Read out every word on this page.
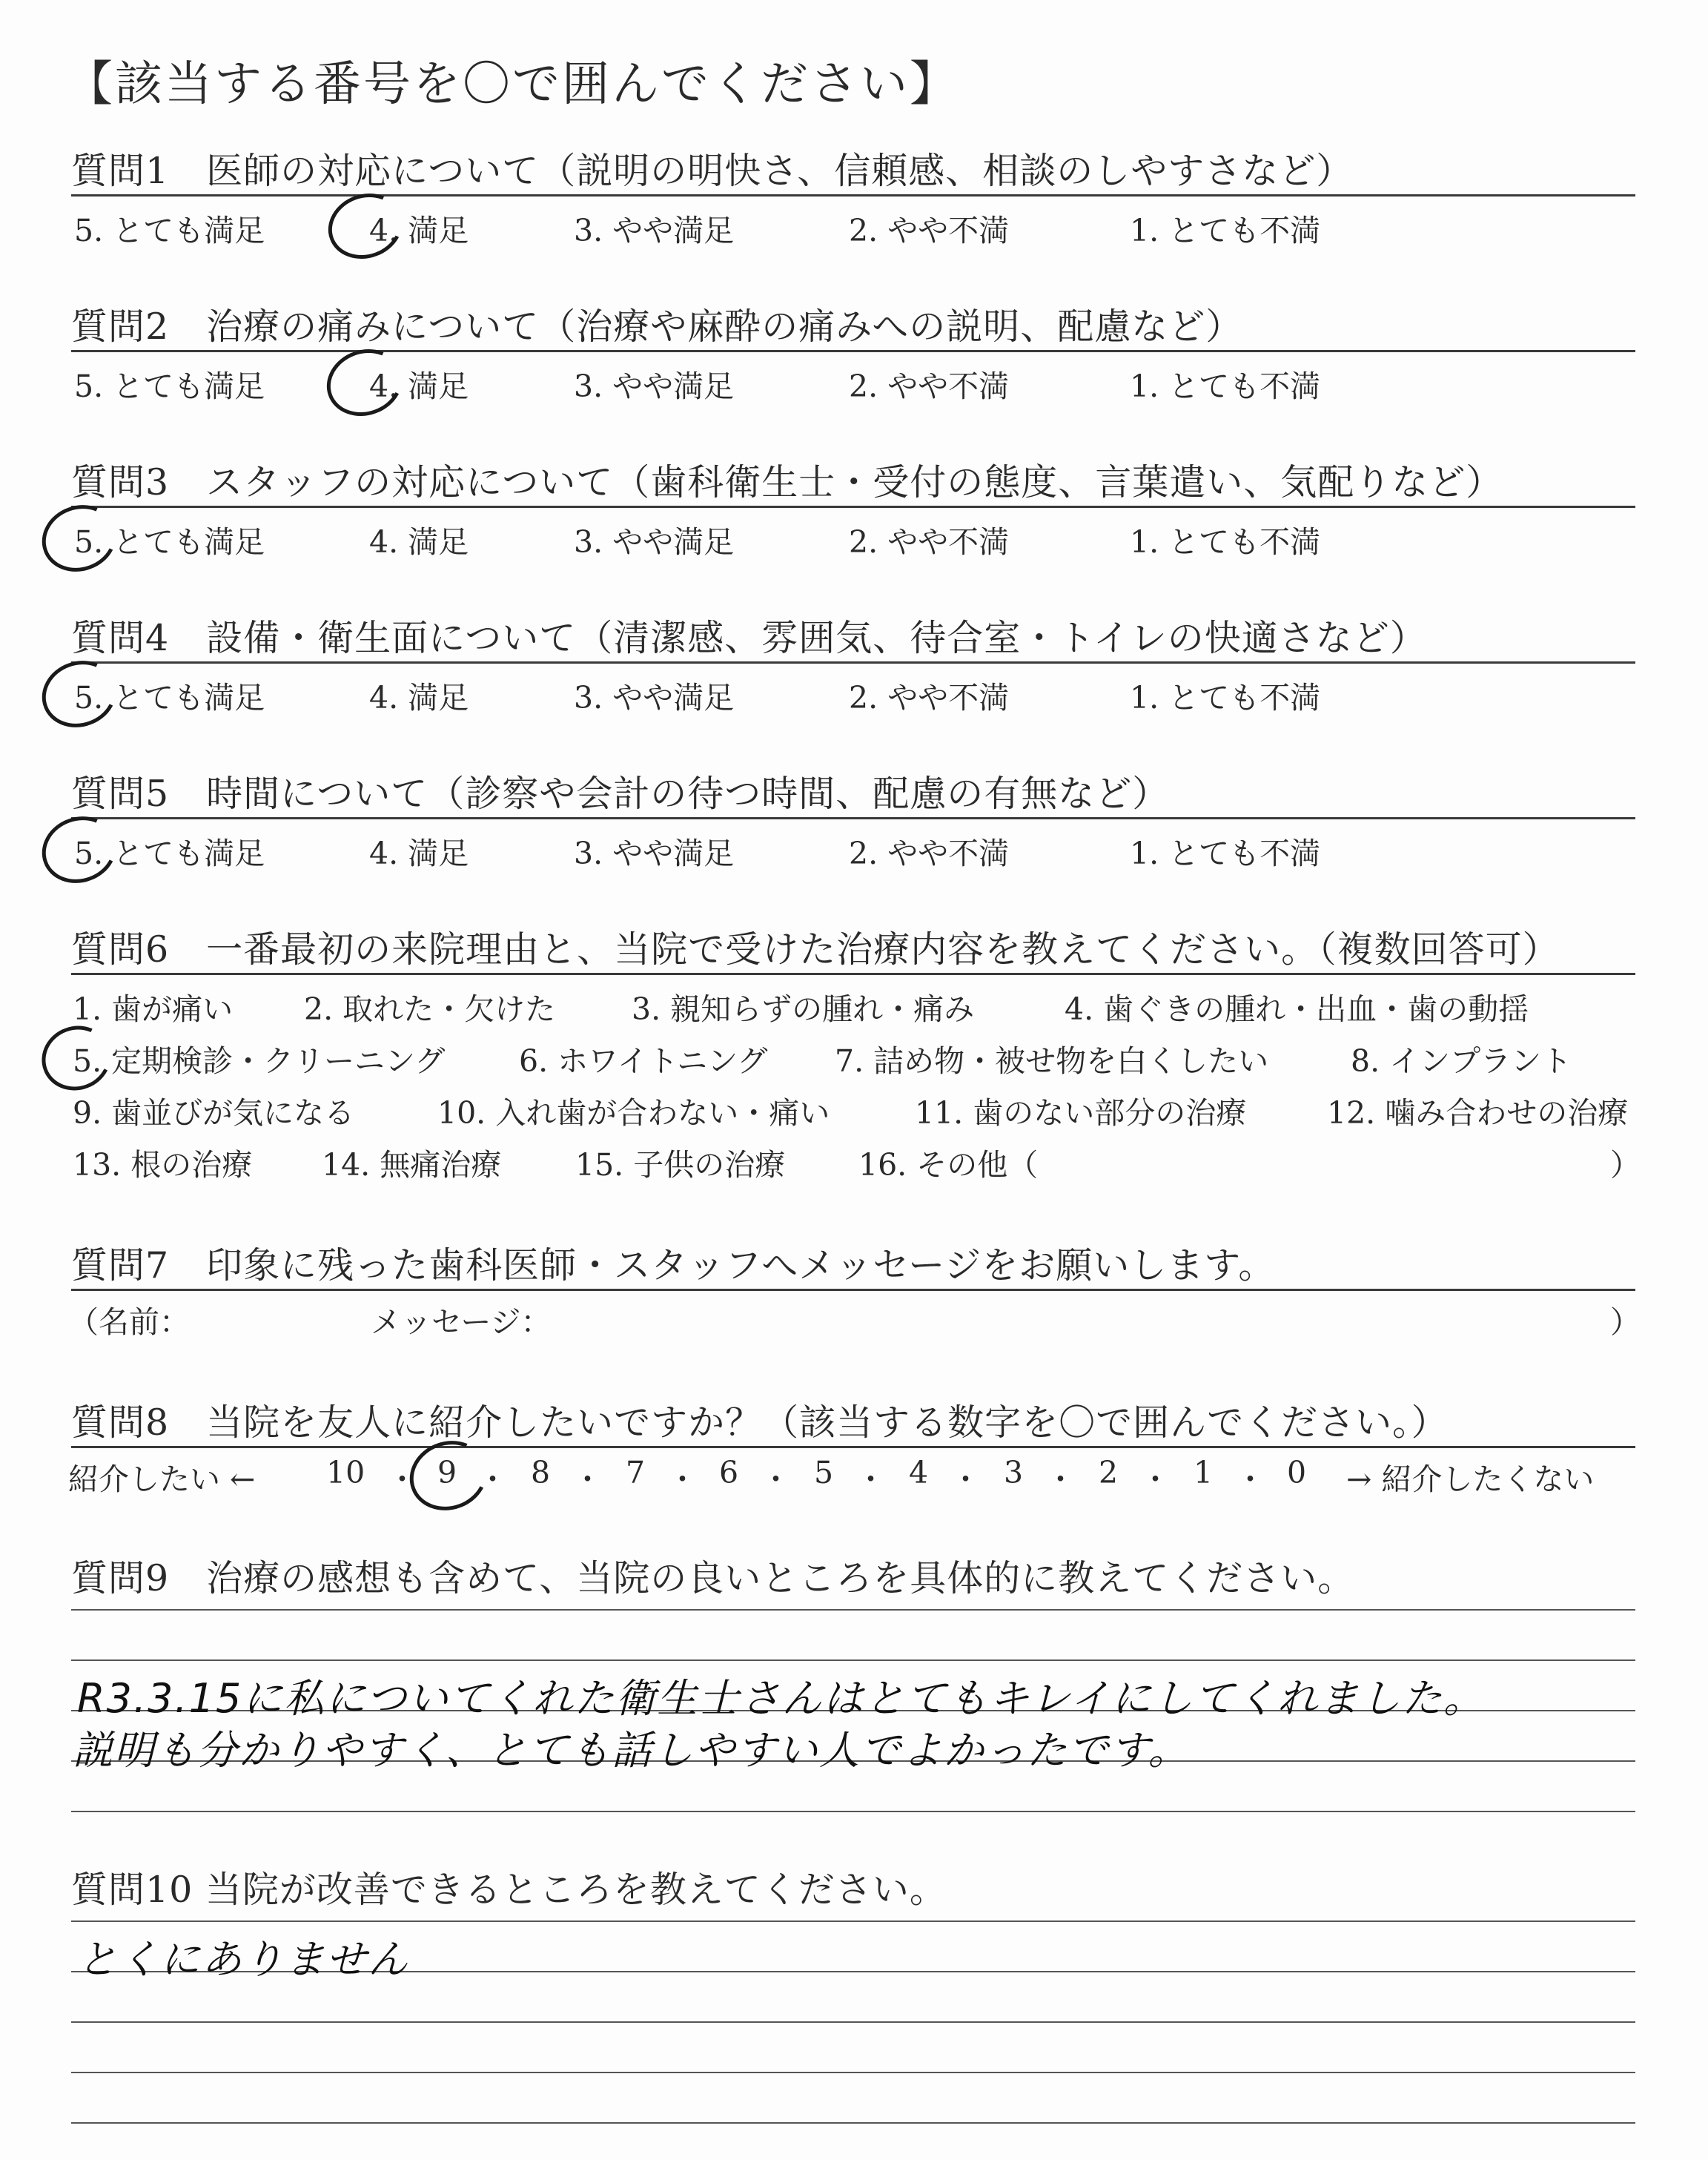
【該当する番号を〇で囲んでください】
質問1　医師の対応について（説明の明快さ、信頼感、相談のしやすさなど）
5. とても満足	4. 満足	3. やや満足	2. やや不満	1. とても不満
質問2　治療の痛みについて（治療や麻酔の痛みへの説明、配慮など）
5. とても満足	4. 満足	3. やや満足	2. やや不満	1. とても不満
質問3　スタッフの対応について（歯科衛生士・受付の態度、言葉遣い、気配りなど）
5. とても満足	4. 満足	3. やや満足	2. やや不満	1. とても不満
質問4　設備・衛生面について（清潔感、雰囲気、待合室・トイレの快適さなど）
5. とても満足	4. 満足	3. やや満足	2. やや不満	1. とても不満
質問5　時間について（診察や会計の待つ時間、配慮の有無など）
5. とても満足	4. 満足	3. やや満足	2. やや不満	1. とても不満
質問6　一番最初の来院理由と、当院で受けた治療内容を教えてください。（複数回答可）
1. 歯が痛い 2. 取れた・欠けた	3. 親知らずの腫れ・痛み	4. 歯ぐきの腫れ・出血・歯の動揺
5. 定期検診・クリーニング 6. ホワイトニング 7. 詰め物・被せ物を白くしたい	8. インプラント
9. 歯並びが気になる	10. 入れ歯が合わない・痛い	11. 歯のない部分の治療	12. 噛み合わせの治療
13. 根の治療 14. 無痛治療 15. 子供の治療 16. その他（	）
質問7　印象に残った歯科医師・スタッフへメッセージをお願いします。
（名前：	メッセージ：	）
質問8　当院を友人に紹介したいですか？（該当する数字を〇で囲んでください。）
紹介したい ← 10 ・ 9 ・ 8 ・ 7 ・ 6 ・ 5 ・ 4 ・ 3 ・ 2 ・ 1 ・ 0 → 紹介したくない
質問9　治療の感想も含めて、当院の良いところを具体的に教えてください。
R3.3.15に私についてくれた衛生士さんはとてもキレイにしてくれました。
説明も分かりやすく、とても話しやすい人でよかったです。
質問10 当院が改善できるところを教えてください。
とくにありません
